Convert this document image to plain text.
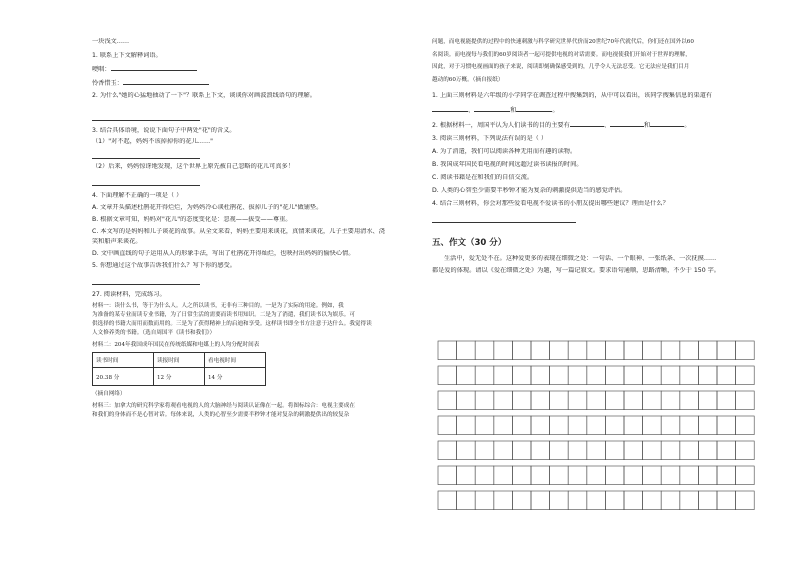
一块浅文……
1. 联系上下文解释词语。
哽咽：
怜香惜玉：
2. 为什么"她的心猛地抽动了一下"？联系上下文，谈谈你对画波浪线语句的理解。
3. 结合具体语境，说说下面句子中两处"花"的含义。
（1）"对不起，妈妈不该掉掉你的花儿……"
（2）后来，妈妈惊讶地发现，这个世界上原先被自己忽略的花儿可真多！
4. 下面理解不正确的一项是（ ）
A. 文章开头描述杜鹃花开得烂烂，为妈妈冷心谈杜鹃花、拔掉儿子的"花儿"做铺垫。
B. 根据文章可知，妈妈对"花儿"的态度变化是：忽视——拔受——尊重。
C. 本文写的是妈妈和儿子谈花的故事。从全文来看，妈妈主要用来谈花，真情来谈花，儿子主要用清水、浇
笑和船声来谈花。
D. 文中画直线的句子运用从人的形象手法，写出了杜鹃花开得灿烂，也映衬出妈妈的愉快心情。
5. 你想通过这个故事告诉我们什么？写下你的感受。
27. 阅读材料，完成练习。
材料一：读什么书，等于为什么人。人之所以读书，无非有三种目的。一是为了实际的用途。例如，我
为准备的某专业而读专业书籍，为了日常生活的需要而读书用知识。二是为了消遣，我们读书以为娱乐。可
供选择的书籍大而用而数而用的。三是为了获得精神上的启迪和享受。这样读书即全书方注意于达什么。我觉得读
人文修养类的书籍。（选自周国平《读书和我们》）
材料二：204年我国成年国民在传统纸媒和电媒上的人均分配时间表
读书时间	读报时间	看电视时间
20.38 分	12 分	14 分
（摘自网络）
材料三：加拿大的研究科学家将观看电视的人的大脑神经与阅读认证像在一起。将图标综合：电视主要成在
和我们的身体而不是心智对话。每体来说，人类的心智至少需要半秒钟才能对复杂的刺激提供出的较复杂
问题，而电视能提供的过程中的快速刺激与科学研究世界代价而20世纪70年代就代后，你们还在国外以60
名阅读。而电视每与我们的60岁阅读者一起可提供电视的对话需要。而电视使我们开始对于世界的理解，
因此，对于习惯电视画面的孩子来说，阅读即刻确保感受到的，几乎令人无法忍受。它无法应是我们目月
越动的60万概。（摘自报纸）
1. 上面三则材料是六年级的小学同学在调查过程中搜集到的，从中可以看出，该同学搜集信息的渠道有
、	和	。
2. 根据材料一，周国平认为人们读书的目的主要有	、	和	。
3. 阅读三则材料，下列说法有误的是（ ）
A. 为了消遣，我们可以阅读各种无用而有趣的读物。
B. 我国成年国民看电视的时间远超过读书读报的时间。
C. 阅读书籍是在和我们的自信交流。
D. 人类的心智至少需要半秒钟才能为复杂的刺激提供适当的感觉评估。
4. 结合三则材料，你会对那些爱看电视不爱读书的小朋友提出哪些建议？理由是什么？
五、作文（30 分）
生活中，爱无处不在。这种爱更多的表现在细微之处：一句话、一个眼神、一张纸条、一次抚摸……
都是爱的体现。请以《爱在细微之处》为题，写一篇记叙文。要求语句通顺，思路清晰，不少于 150 字。
